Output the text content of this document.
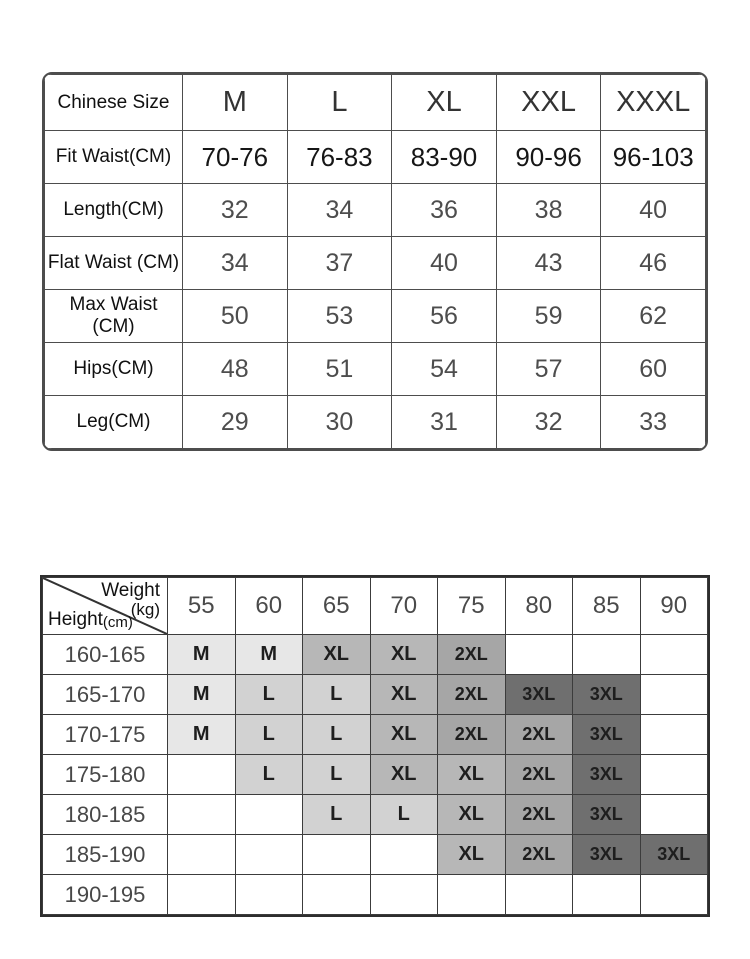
Chinese Size	M	L	XL	XXL	XXXL
Fit Waist(CM)	70-76	76-83	83-90	90-96	96-103
Length(CM)	32	34	36	38	40
Flat Waist (CM)	34	37	40	43	46
Max Waist (CM)	50	53	56	59	62
Hips(CM)	48	51	54	57	60
Leg(CM)	29	30	31	32	33
Weight
(kg)
Height(cm)	55	60	65	70	75	80	85	90
160-165	M	M	XL	XL	2XL			
165-170	M	L	L	XL	2XL	3XL	3XL	
170-175	M	L	L	XL	2XL	2XL	3XL	
175-180		L	L	XL	XL	2XL	3XL	
180-185			L	L	XL	2XL	3XL	
185-190					XL	2XL	3XL	3XL
190-195								
